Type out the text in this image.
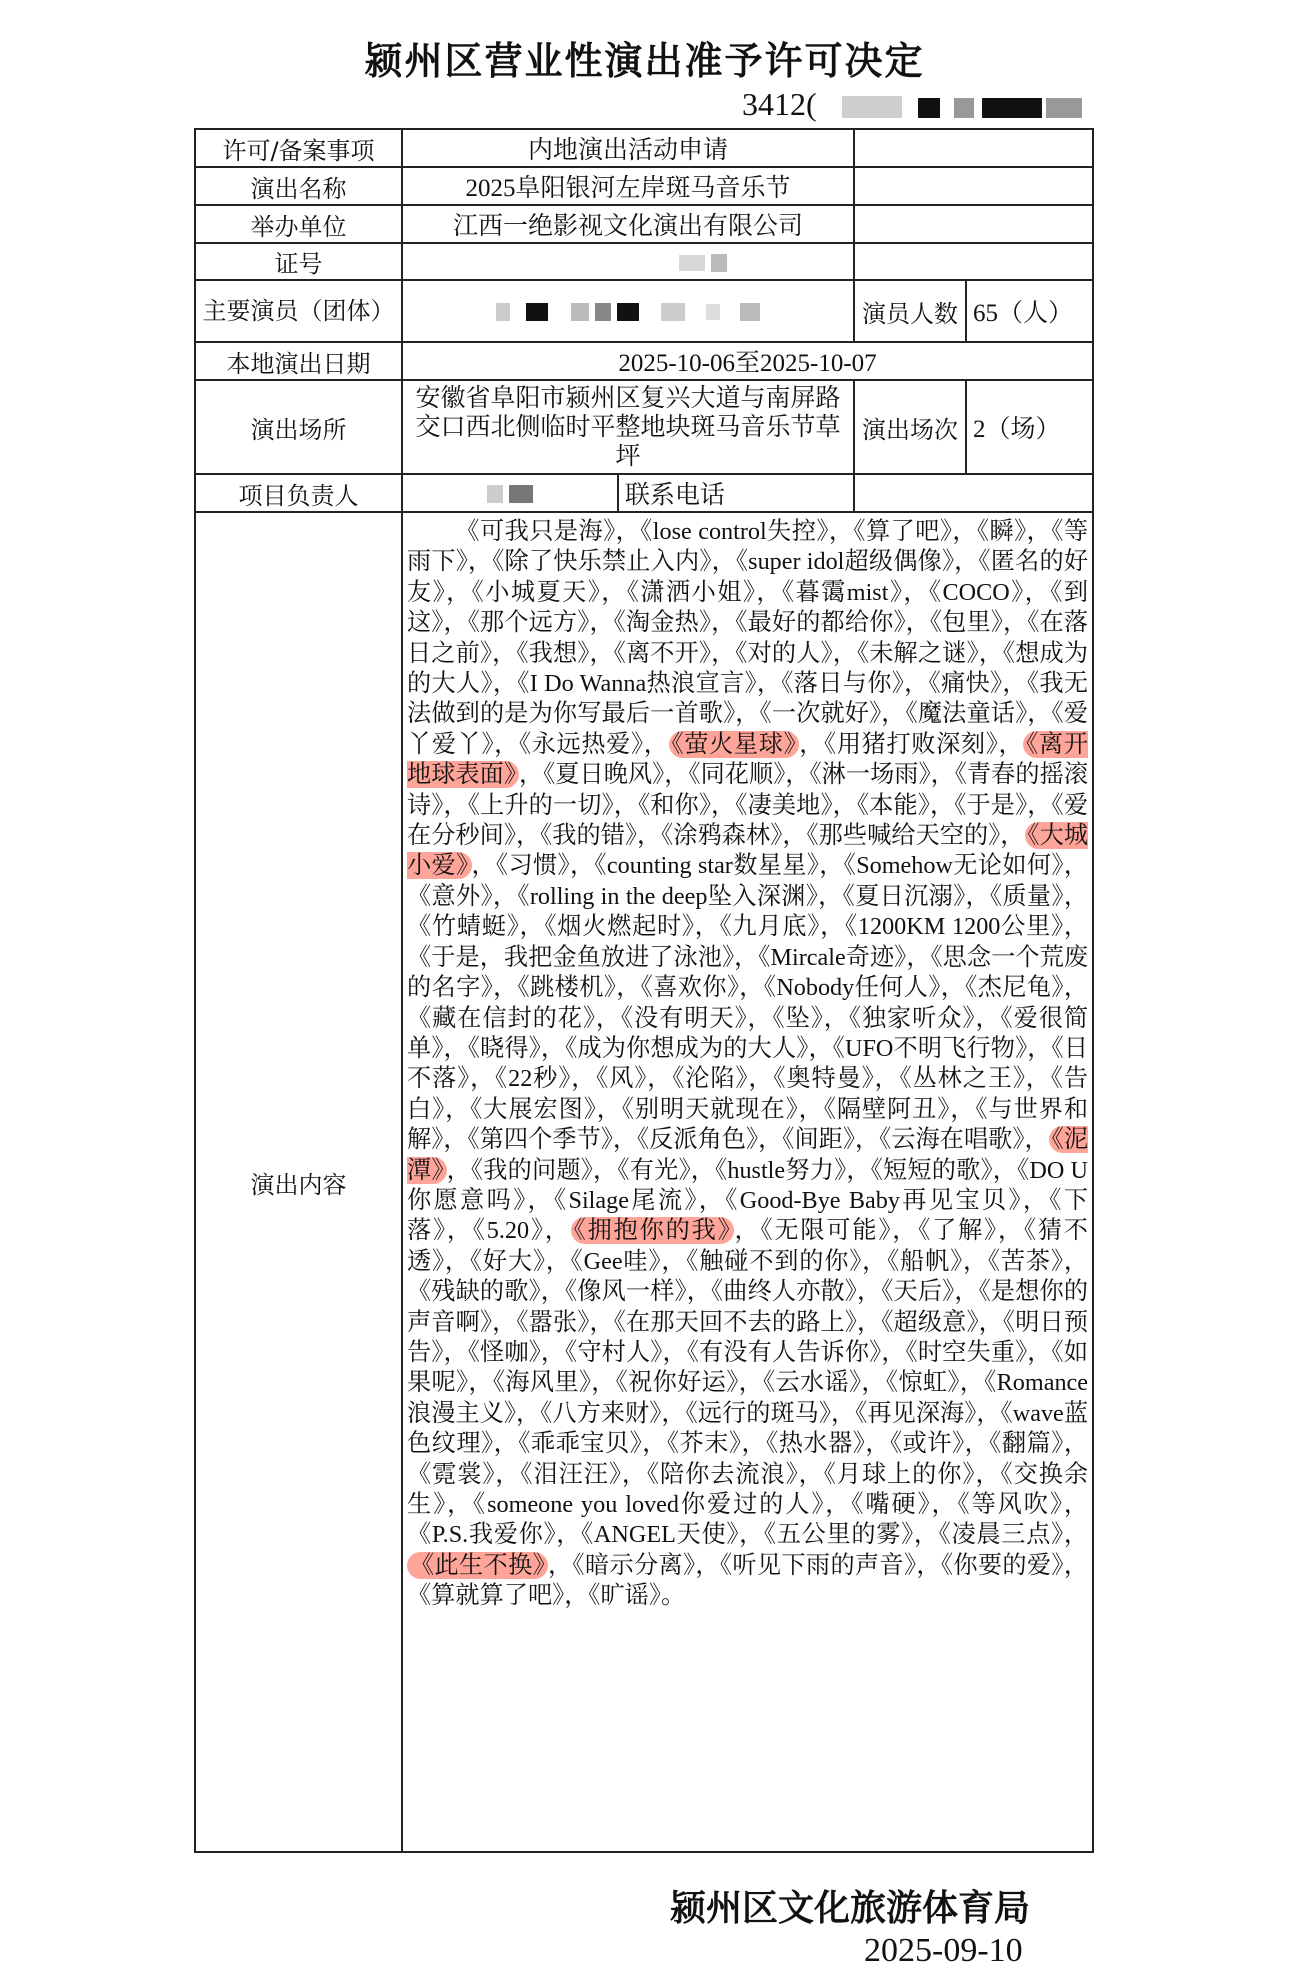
颍州区营业性演出准予许可决定
3412(
许可/备案事项	内地演出活动申请			
演出名称	2025阜阳银河左岸斑马音乐节			
举办单位	江西一绝影视文化演出有限公司			
证号				
主要演员（团体）			演员人数	65（人）
本地演出日期	2025-10-06至2025-10-07			
演出场所	安徽省阜阳市颍州区复兴大道与南屏路交口西北侧临时平整地块斑马音乐节草坪		演出场次	2（场）
项目负责人		联系电话		
演出内容	《可我只是海》，《lose control失控》，《算了吧》，《瞬》，《等雨下》，《除了快乐禁止入内》，《super idol超级偶像》，《匿名的好友》，《小城夏天》，《潇洒小姐》，《暮霭mist》，《COCO》，《到这》，《那个远方》，《淘金热》，《最好的都给你》，《包里》，《在落日之前》，《我想》，《离不开》，《对的人》，《未解之谜》，《想成为的大人》，《I Do Wanna热浪宣言》，《落日与你》，《痛快》，《我无法做到的是为你写最后一首歌》，《一次就好》，《魔法童话》，《爱丫爱丫》，《永远热爱》， 《萤火星球》 ，《用猪打败深刻》， 《离开地球表面》 ，《夏日晚风》，《同花顺》，《淋一场雨》，《青春的摇滚诗》，《上升的一切》，《和你》，《凄美地》，《本能》，《于是》，《爱在分秒间》，《我的错》，《涂鸦森林》，《那些喊给天空的》， 《大城小爱》 ，《习惯》，《counting star数星星》，《Somehow无论如何》，《意外》，《rolling in the deep坠入深渊》，《夏日沉溺》，《质量》，《竹蜻蜓》，《烟火燃起时》，《九月底》，《1200KM 1200公里》，《于是，我把金鱼放进了泳池》，《Mircale奇迹》，《思念一个荒废的名字》，《跳楼机》，《喜欢你》，《Nobody任何人》，《杰尼龟》，《藏在信封的花》，《没有明天》，《坠》，《独家听众》，《爱很简单》，《晓得》，《成为你想成为的大人》，《UFO不明飞行物》，《日不落》，《22秒》，《风》，《沦陷》，《奥特曼》，《丛林之王》，《告白》，《大展宏图》，《别明天就现在》，《隔壁阿丑》，《与世界和解》，《第四个季节》，《反派角色》，《间距》，《云海在唱歌》， 《泥潭》 ，《我的问题》，《有光》，《hustle努力》，《短短的歌》，《DO U你愿意吗》，《Silage尾流》，《Good-Bye Baby再见宝贝》，《下落》，《5.20》， 《拥抱你的我》 ，《无限可能》，《了解》，《猜不透》，《好大》，《Gee哇》，《触碰不到的你》，《船帆》，《苦茶》，《残缺的歌》，《像风一样》，《曲终人亦散》，《天后》，《是想你的声音啊》，《嚣张》，《在那天回不去的路上》，《超级意》，《明日预告》，《怪咖》，《守村人》，《有没有人告诉你》，《时空失重》，《如果呢》，《海风里》，《祝你好运》，《云水谣》，《惊虹》，《Romance浪漫主义》，《八方来财》，《远行的斑马》，《再见深海》，《wave蓝色纹理》，《乖乖宝贝》，《芥末》，《热水器》，《或许》，《翻篇》，《霓裳》，《泪汪汪》，《陪你去流浪》，《月球上的你》，《交换余生》，《someone you loved你爱过的人》，《嘴硬》，《等风吹》，《P.S.我爱你》，《ANGEL天使》，《五公里的雾》，《凌晨三点》，《此生不换》 ，《暗示分离》，《听见下雨的声音》，《你要的爱》，《算就算了吧》，《旷谣》。			
颍州区文化旅游体育局
2025-09-10
